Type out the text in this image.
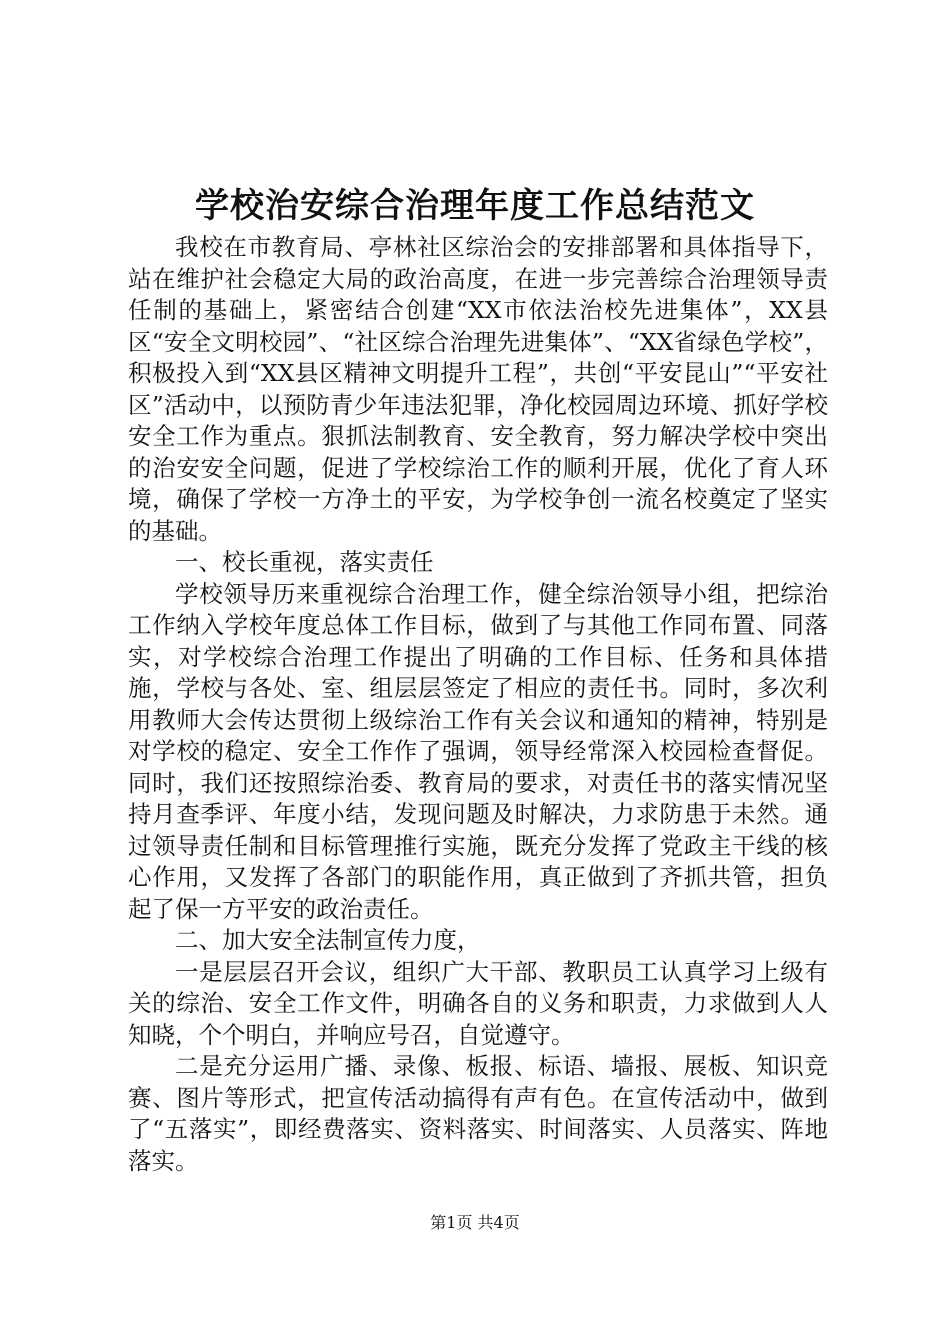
学校治安综合治理年度工作总结范文

我校在市教育局、亭林社区综治会的安排部署和具体指导下，站在维护社会稳定大局的政治高度，在进一步完善综合治理领导责任制的基础上，紧密结合创建“XX市依法治校先进集体”，XX县区“安全文明校园”、“社区综合治理先进集体”、“XX省绿色学校”，积极投入到“XX县区精神文明提升工程”，共创“平安昆山”“平安社区”活动中，以预防青少年违法犯罪，净化校园周边环境、抓好学校安全工作为重点。狠抓法制教育、安全教育，努力解决学校中突出的治安安全问题，促进了学校综治工作的顺利开展，优化了育人环境，确保了学校一方净土的平安，为学校争创一流名校奠定了坚实的基础。

一、校长重视，落实责任

学校领导历来重视综合治理工作，健全综治领导小组，把综治工作纳入学校年度总体工作目标，做到了与其他工作同布置、同落实，对学校综合治理工作提出了明确的工作目标、任务和具体措施，学校与各处、室、组层层签定了相应的责任书。同时，多次利用教师大会传达贯彻上级综治工作有关会议和通知的精神，特别是对学校的稳定、安全工作作了强调，领导经常深入校园检查督促。同时，我们还按照综治委、教育局的要求，对责任书的落实情况坚持月查季评、年度小结，发现问题及时解决，力求防患于未然。通过领导责任制和目标管理推行实施，既充分发挥了党政主干线的核心作用，又发挥了各部门的职能作用，真正做到了齐抓共管，担负起了保一方平安的政治责任。

二、加大安全法制宣传力度，

一是层层召开会议，组织广大干部、教职员工认真学习上级有关的综治、安全工作文件，明确各自的义务和职责，力求做到人人知晓，个个明白，并响应号召，自觉遵守。

二是充分运用广播、录像、板报、标语、墙报、展板、知识竞赛、图片等形式，把宣传活动搞得有声有色。在宣传活动中，做到了“五落实”，即经费落实、资料落实、时间落实、人员落实、阵地落实。

第1页 共4页
